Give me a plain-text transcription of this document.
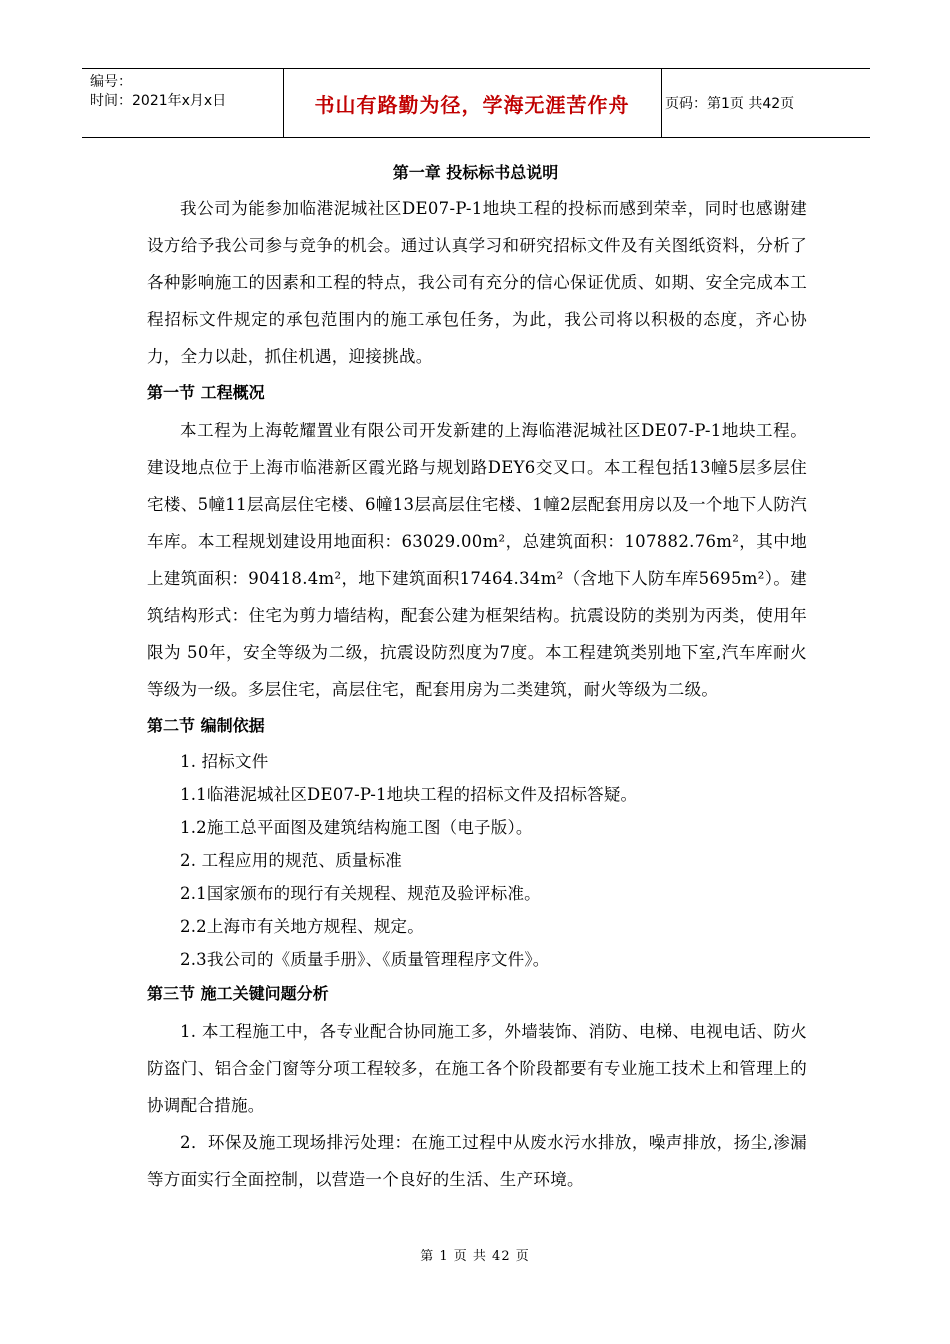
编号：
时间：2021年x月x日	书山有路勤为径，学海无涯苦作舟	页码：第1页 共42页
第一章 投标标书总说明
我公司为能参加临港泥城社区DE07-P-1地块工程的投标而感到荣幸，同时也感谢建设方给予我公司参与竞争的机会。通过认真学习和研究招标文件及有关图纸资料，分析了各种影响施工的因素和工程的特点，我公司有充分的信心保证优质、如期、安全完成本工程招标文件规定的承包范围内的施工承包任务，为此，我公司将以积极的态度，齐心协力，全力以赴，抓住机遇，迎接挑战。
第一节 工程概况
本工程为上海乾耀置业有限公司开发新建的上海临港泥城社区DE07-P-1地块工程。建设地点位于上海市临港新区霞光路与规划路DEY6交叉口。本工程包括13幢5层多层住宅楼、5幢11层高层住宅楼、6幢13层高层住宅楼、1幢2层配套用房以及一个地下人防汽车库。本工程规划建设用地面积：63029.00m²，总建筑面积：107882.76m²，其中地上建筑面积：90418.4m²，地下建筑面积17464.34m²（含地下人防车库5695m²）。建筑结构形式：住宅为剪力墙结构，配套公建为框架结构。抗震设防的类别为丙类，使用年限为 50年，安全等级为二级，抗震设防烈度为7度。本工程建筑类别地下室,汽车库耐火等级为一级。多层住宅，高层住宅，配套用房为二类建筑，耐火等级为二级。
第二节 编制依据
1. 招标文件
1.1临港泥城社区DE07-P-1地块工程的招标文件及招标答疑。
1.2施工总平面图及建筑结构施工图（电子版）。
2. 工程应用的规范、质量标准
2.1国家颁布的现行有关规程、规范及验评标准。
2.2上海市有关地方规程、规定。
2.3我公司的《质量手册》、《质量管理程序文件》。
第三节 施工关键问题分析
1. 本工程施工中，各专业配合协同施工多，外墙装饰、消防、电梯、电视电话、防火防盗门、铝合金门窗等分项工程较多，在施工各个阶段都要有专业施工技术上和管理上的协调配合措施。
2．环保及施工现场排污处理：在施工过程中从废水污水排放，噪声排放，扬尘,渗漏等方面实行全面控制，以营造一个良好的生活、生产环境。
第 1 页 共 42 页
